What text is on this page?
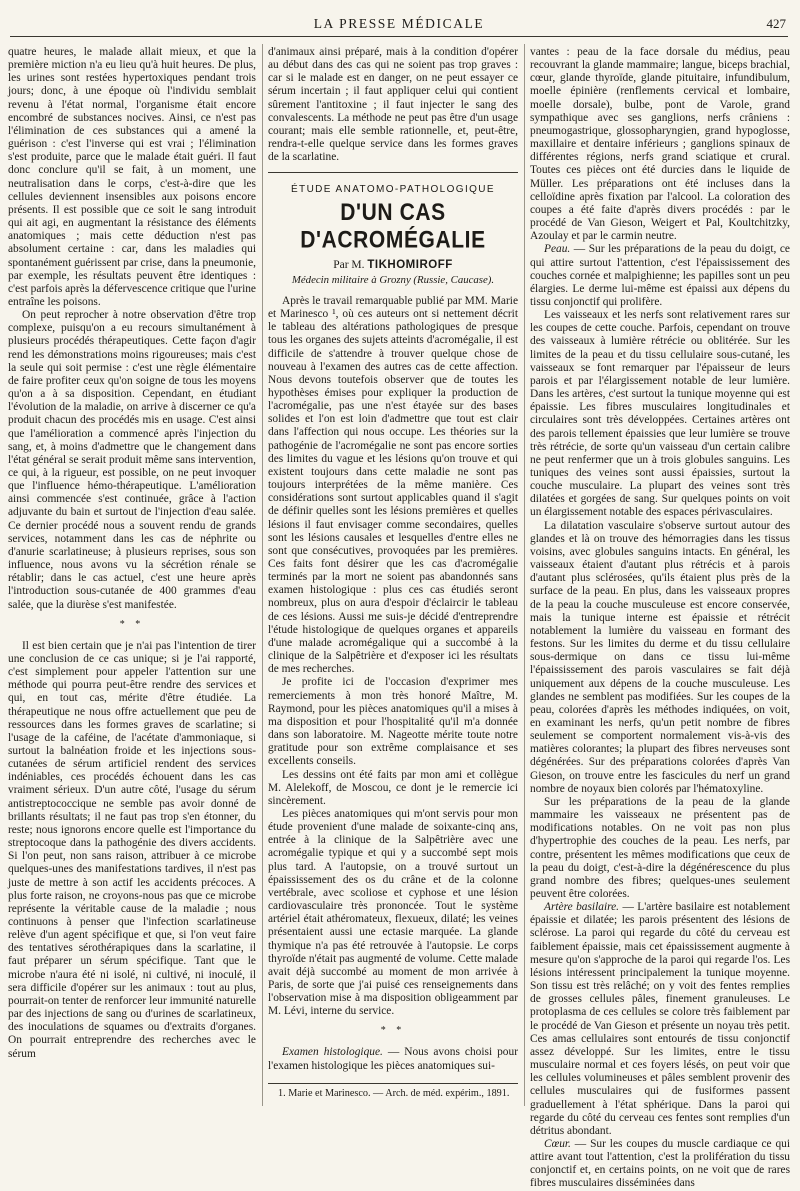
LA PRESSE MÉDICALE	427

quatre heures, le malade allait mieux, et que la première miction n'a eu lieu qu'à huit heures. De plus, les urines sont restées hypertoxiques pendant trois jours; donc, à une époque où l'individu semblait revenu à l'état normal, l'organisme était encore encombré de substances nocives. Ainsi, ce n'est pas l'élimination de ces substances qui a amené la guérison : c'est l'inverse qui est vrai ; l'élimination s'est produite, parce que le malade était guéri. Il faut donc conclure qu'il se fait, à un moment, une neutralisation dans le corps, c'est-à-dire que les cellules deviennent insensibles aux poisons encore présents. Il est possible que ce soit le sang introduit qui ait agi, en augmentant la résistance des éléments anatomiques ; mais cette déduction n'est pas absolument certaine : car, dans les maladies qui spontanément guérissent par crise, dans la pneumonie, par exemple, les résultats peuvent être identiques : c'est parfois après la défervescence critique que l'urine entraîne les poisons.

On peut reprocher à notre observation d'être trop complexe, puisqu'on a eu recours simultanément à plusieurs procédés thérapeutiques. Cette façon d'agir rend les démonstrations moins rigoureuses; mais c'est la seule qui soit permise : c'est une règle élémentaire de faire profiter ceux qu'on soigne de tous les moyens qu'on a à sa disposition. Cependant, en étudiant l'évolution de la maladie, on arrive à discerner ce qu'a produit chacun des procédés mis en usage. C'est ainsi que l'amélioration a commencé après l'injection du sang, et, à moins d'admettre que le changement dans l'état général se serait produit même sans intervention, ce qui, à la rigueur, est possible, on ne peut invoquer que l'influence hémo-thérapeutique. L'amélioration ainsi commencée s'est continuée, grâce à l'action adjuvante du bain et surtout de l'injection d'eau salée. Ce dernier procédé nous a souvent rendu de grands services, notamment dans les cas de néphrite ou d'anurie scarlatineuse; à plusieurs reprises, sous son influence, nous avons vu la sécrétion rénale se rétablir; dans le cas actuel, c'est une heure après l'introduction sous-cutanée de 400 grammes d'eau salée, que la diurèse s'est manifestée.

* *

Il est bien certain que je n'ai pas l'intention de tirer une conclusion de ce cas unique; si je l'ai rapporté, c'est simplement pour appeler l'attention sur une méthode qui pourra peut-être rendre des services et qui, en tout cas, mérite d'être étudiée. La thérapeutique ne nous offre actuellement que peu de ressources dans les formes graves de scarlatine; si l'usage de la caféine, de l'acétate d'ammoniaque, si surtout la balnéation froide et les injections sous-cutanées de sérum artificiel rendent des services indéniables, ces procédés échouent dans les cas vraiment sérieux. D'un autre côté, l'usage du sérum antistreptococcique ne semble pas avoir donné de brillants résultats; il ne faut pas trop s'en étonner, du reste; nous ignorons encore quelle est l'importance du streptocoque dans la pathogénie des divers accidents. Si l'on peut, non sans raison, attribuer à ce microbe quelques-unes des manifestations tardives, il n'est pas juste de mettre à son actif les accidents précoces. A plus forte raison, ne croyons-nous pas que ce microbe représente la véritable cause de la maladie ; nous continuons à penser que l'infection scarlatineuse relève d'un agent spécifique et que, si l'on veut faire des tentatives sérothérapiques dans la scarlatine, il faut préparer un sérum spécifique. Tant que le microbe n'aura été ni isolé, ni cultivé, ni inoculé, il sera difficile d'opérer sur les animaux : tout au plus, pourrait-on tenter de renforcer leur immunité naturelle par des injections de sang ou d'urines de scarlatineux, des inoculations de squames ou d'extraits d'organes. On pourrait entreprendre des recherches avec le sérum

d'animaux ainsi préparé, mais à la condition d'opérer au début dans des cas qui ne soient pas trop graves : car si le malade est en danger, on ne peut essayer ce sérum incertain ; il faut appliquer celui qui contient sûrement l'antitoxine ; il faut injecter le sang des convalescents. La méthode ne peut pas être d'un usage courant; mais elle semble rationnelle, et, peut-être, rendra-t-elle quelque service dans les formes graves de la scarlatine.

ÉTUDE ANATOMO-PATHOLOGIQUE
D'UN CAS D'ACROMÉGALIE
Par M. TIKHOMIROFF
Médecin militaire à Grozny (Russie, Caucase).

Après le travail remarquable publié par MM. Marie et Marinesco ¹, où ces auteurs ont si nettement décrit le tableau des altérations pathologiques de presque tous les organes des sujets atteints d'acromégalie, il est difficile de s'attendre à trouver quelque chose de nouveau à l'examen des autres cas de cette affection. Nous devons toutefois observer que de toutes les hypothèses émises pour expliquer la production de l'acromégalie, pas une n'est étayée sur des bases solides et l'on est loin d'admettre que tout est clair dans l'affection qui nous occupe. Les théories sur la pathogénie de l'acromégalie ne sont pas encore sorties des limites du vague et les lésions qu'on trouve et qui existent toujours dans cette maladie ne sont pas toujours interprétées de la même manière. Ces considérations sont surtout applicables quand il s'agit de définir quelles sont les lésions premières et quelles lésions il faut envisager comme secondaires, quelles sont les lésions causales et lesquelles d'entre elles ne sont que consécutives, provoquées par les premières. Ces faits font désirer que les cas d'acromégalie terminés par la mort ne soient pas abandonnés sans examen histologique : plus ces cas étudiés seront nombreux, plus on aura d'espoir d'éclaircir le tableau de ces lésions. Aussi me suis-je décidé d'entreprendre l'étude histologique de quelques organes et appareils d'une malade acromégalique qui a succombé à la clinique de la Salpêtrière et d'exposer ici les résultats de mes recherches.

Je profite ici de l'occasion d'exprimer mes remerciements à mon très honoré Maître, M. Raymond, pour les pièces anatomiques qu'il a mises à ma disposition et pour l'hospitalité qu'il m'a donnée dans son laboratoire. M. Nageotte mérite toute notre gratitude pour son extrême complaisance et ses excellents conseils.

Les dessins ont été faits par mon ami et collègue M. Alelekoff, de Moscou, ce dont je le remercie ici sincèrement.

Les pièces anatomiques qui m'ont servis pour mon étude provenient d'une malade de soixante-cinq ans, entrée à la clinique de la Salpêtrière avec une acromégalie typique et qui y a succombé sept mois plus tard. A l'autopsie, on a trouvé surtout un épaississement des os du crâne et de la colonne vertébrale, avec scoliose et cyphose et une lésion cardiovasculaire très prononcée. Tout le système artériel était athéromateux, flexueux, dilaté; les veines présentaient aussi une ectasie marquée. La glande thymique n'a pas été retrouvée à l'autopsie. Le corps thyroïde n'était pas augmenté de volume. Cette malade avait déjà succombé au moment de mon arrivée à Paris, de sorte que j'ai puisé ces renseignements dans l'observation mise à ma disposition obligeamment par M. Lévi, interne du service.

* *

Examen histologique. — Nous avons choisi pour l'examen histologique les pièces anatomiques sui-

1. Marie et Marinesco. — Arch. de méd. expérim., 1891.

vantes : peau de la face dorsale du médius, peau recouvrant la glande mammaire; langue, biceps brachial, cœur, glande thyroïde, glande pituitaire, infundibulum, moelle épinière (renflements cervical et lombaire, moelle dorsale), bulbe, pont de Varole, grand sympathique avec ses ganglions, nerfs crâniens : pneumogastrique, glossopharyngien, grand hypoglosse, maxillaire et dentaire inférieurs ; ganglions spinaux de différentes régions, nerfs grand sciatique et crural. Toutes ces pièces ont été durcies dans le liquide de Müller. Les préparations ont été incluses dans la celloïdine après fixation par l'alcool. La coloration des coupes a été faite d'après divers procédés : par le procédé de Van Gieson, Weigert et Pal, Koultchitzky, Azoulay et par le carmin neutre.

Peau. — Sur les préparations de la peau du doigt, ce qui attire surtout l'attention, c'est l'épaississement des couches cornée et malpighienne; les papilles sont un peu élargies. Le derme lui-même est épaissi aux dépens du tissu conjonctif qui prolifère.

Les vaisseaux et les nerfs sont relativement rares sur les coupes de cette couche. Parfois, cependant on trouve des vaisseaux à lumière rétrécie ou oblitérée. Sur les limites de la peau et du tissu cellulaire sous-cutané, les vaisseaux se font remarquer par l'épaisseur de leurs parois et par l'élargissement notable de leur lumière. Dans les artères, c'est surtout la tunique moyenne qui est épaissie. Les fibres musculaires longitudinales et circulaires sont très développées. Certaines artères ont des parois tellement épaissies que leur lumière se trouve très rétrécie, de sorte qu'un vaisseau d'un certain calibre ne peut renfermer que un à trois globules sanguins. Les tuniques des veines sont aussi épaissies, surtout la couche musculaire. La plupart des veines sont très dilatées et gorgées de sang. Sur quelques points on voit un élargissement notable des espaces périvasculaires.

La dilatation vasculaire s'observe surtout autour des glandes et là on trouve des hémorragies dans les tissus voisins, avec globules sanguins intacts. En général, les vaisseaux étaient d'autant plus rétrécis et à parois d'autant plus sclérosées, qu'ils étaient plus près de la surface de la peau. En plus, dans les vaisseaux propres de la peau la couche musculeuse est encore conservée, mais la tunique interne est épaissie et rétrécit notablement la lumière du vaisseau en formant des festons. Sur les limites du derme et du tissu cellulaire sous-dermique on dans ce tissu lui-même l'épaississement des parois vasculaires se fait déjà uniquement aux dépens de la couche musculeuse. Les glandes ne semblent pas modifiées. Sur les coupes de la peau, colorées d'après les méthodes indiquées, on voit, en examinant les nerfs, qu'un petit nombre de fibres seulement se comportent normalement vis-à-vis des matières colorantes; la plupart des fibres nerveuses sont dégénérées. Sur des préparations colorées d'après Van Gieson, on trouve entre les fascicules du nerf un grand nombre de noyaux bien colorés par l'hématoxyline.

Sur les préparations de la peau de la glande mammaire les vaisseaux ne présentent pas de modifications notables. On ne voit pas non plus d'hypertrophie des couches de la peau. Les nerfs, par contre, présentent les mêmes modifications que ceux de la peau du doigt, c'est-à-dire la dégénérescence du plus grand nombre des fibres; quelques-unes seulement peuvent être colorées.

Artère basilaire. — L'artère basilaire est notablement épaissie et dilatée; les parois présentent des lésions de sclérose. La paroi qui regarde du côté du cerveau est faiblement épaissie, mais cet épaississement augmente à mesure qu'on s'approche de la paroi qui regarde l'os. Les lésions intéressent principalement la tunique moyenne. Son tissu est très relâché; on y voit des fentes remplies de grosses cellules pâles, finement granuleuses. Le protoplasma de ces cellules se colore très faiblement par le procédé de Van Gieson et présente un noyau très petit. Ces amas cellulaires sont entourés de tissu conjonctif assez développé. Sur les limites, entre le tissu musculaire normal et ces foyers lésés, on peut voir que les cellules volumineuses et pâles semblent provenir des cellules musculaires qui de fusiformes passent graduellement à l'état sphérique. Dans la paroi qui regarde du côté du cerveau ces fentes sont remplies d'un détritus abondant.

Cœur. — Sur les coupes du muscle cardiaque ce qui attire avant tout l'attention, c'est la prolifération du tissu conjonctif et, en certains points, on ne voit que de rares fibres musculaires disséminées dans
